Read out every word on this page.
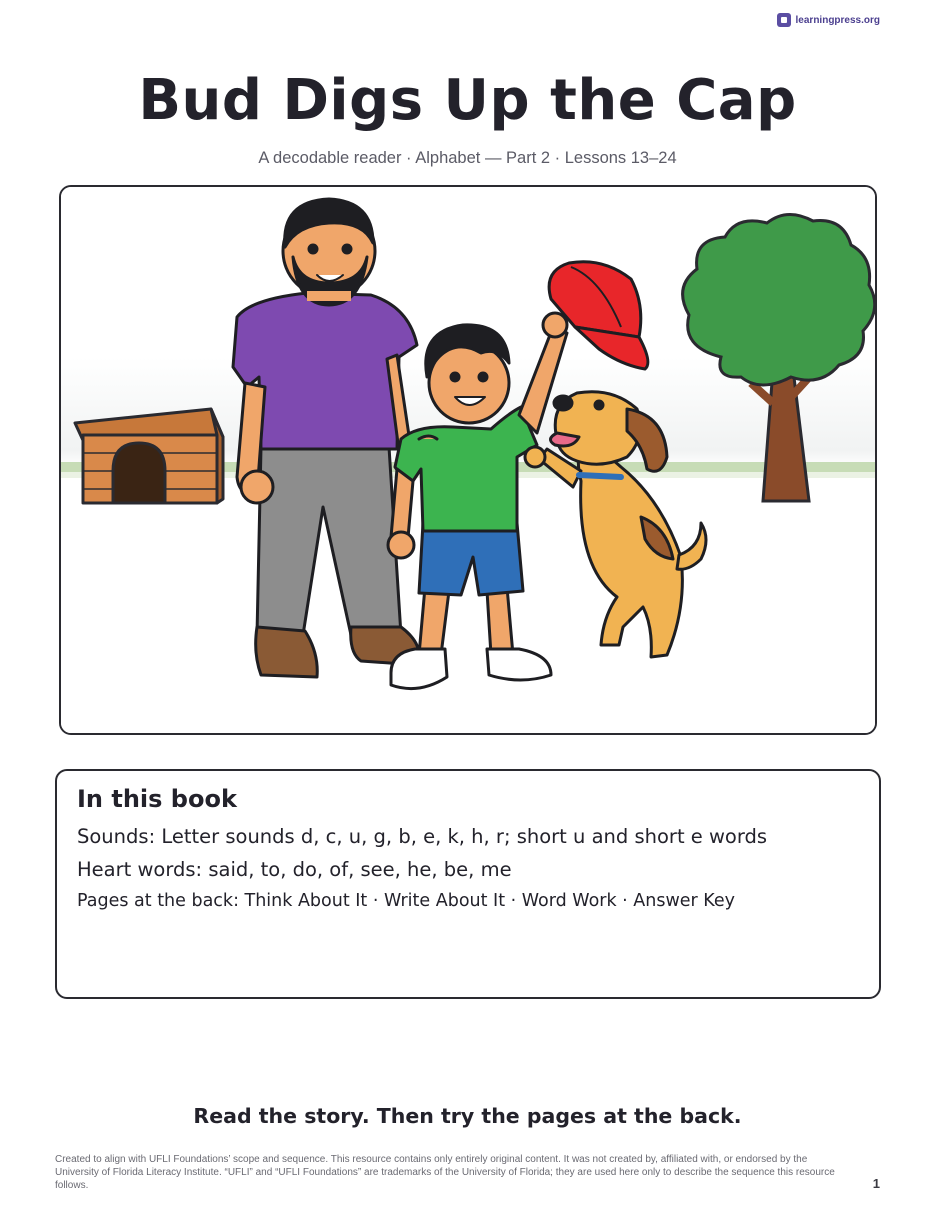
learningpress.org
Bud Digs Up the Cap
A decodable reader · Alphabet — Part 2 · Lessons 13–24
In this book
Sounds: Letter sounds d, c, u, g, b, e, k, h, r; short u and short e words
Heart words: said, to, do, of, see, he, be, me
Pages at the back: Think About It · Write About It · Word Work · Answer Key
Read the story. Then try the pages at the back.
Created to align with UFLI Foundations’ scope and sequence. This resource contains only entirely original content. It was not created by, affiliated with, or endorsed by the University of Florida Literacy Institute. “UFLI” and “UFLI Foundations” are trademarks of the University of Florida; they are used here only to describe the sequence this resource follows.	1
